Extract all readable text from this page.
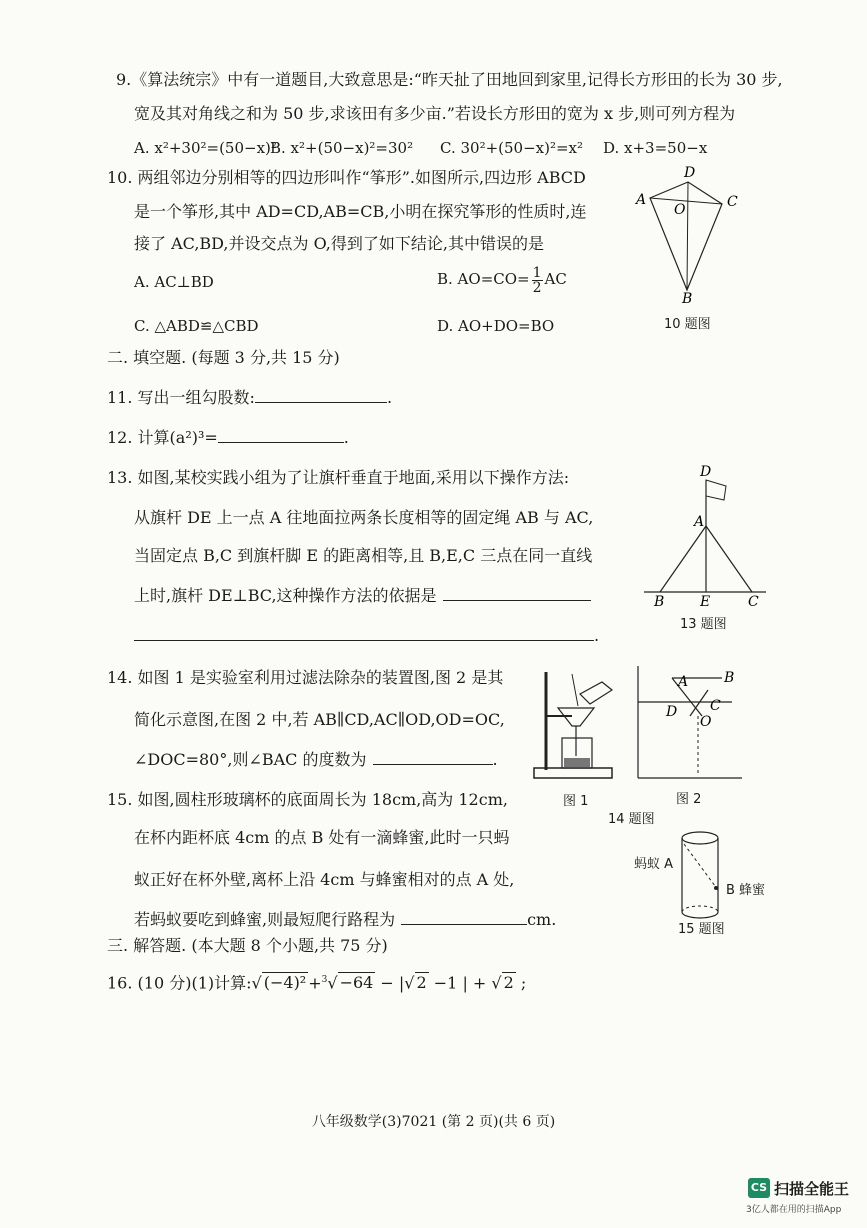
9.《算法统宗》中有一道题目,大致意思是:“昨天扯了田地回到家里,记得长方形田的长为 30 步,
宽及其对角线之和为 50 步,求该田有多少亩.”若设长方形田的宽为 x 步,则可列方程为
A. x²+30²=(50−x)²
B. x²+(50−x)²=30² C. 30²+(50−x)²=x² D. x+3=50−x
10. 两组邻边分别相等的四边形叫作“筝形”.如图所示,四边形 ABCD
是一个筝形,其中 AD=CD,AB=CB,小明在探究筝形的性质时,连
接了 AC,BD,并设交点为 O,得到了如下结论,其中错误的是
A. AC⊥BD	B. $AO=CO= \frac{1}{2}$ AC
C. △ABD≌△CBD	D. AO+DO=BO
D
A
O	C
B
10 题图
二. 填空题. (每题 3 分,共 15 分)
11. 写出一组勾股数:	.
12. 计算(a²)³=	.
13. 如图,某校实践小组为了让旗杆垂直于地面,采用以下操作方法:
从旗杆 DE 上一点 A 往地面拉两条长度相等的固定绳 AB 与 AC,
当固定点 B,C 到旗杆脚 E 的距离相等,且 B,E,C 三点在同一直线
上时,旗杆 DE⊥BC,这种操作方法的依据是
.
D
A
B	E	C
13 题图
14. 如图 1 是实验室利用过滤法除杂的装置图,图 2 是其
简化示意图,在图 2 中,若 AB∥CD,AC∥OD,OD=OC,
∠DOC=80°,则∠BAC 的度数为	.
图 1
A	B
D C
O
图 2
14 题图
15. 如图,圆柱形玻璃杯的底面周长为 18cm,高为 12cm,
在杯内距杯底 4cm 的点 B 处有一滴蜂蜜,此时一只蚂
蚁正好在杯外壁,离杯上沿 4cm 与蜂蜜相对的点 A 处,
若蚂蚁要吃到蜂蜜,则最短爬行路程为	cm.
蚂蚁 A
B 蜂蜜
15 题图
三. 解答题. (本大题 8 个小题,共 75 分)
16. (10 分)(1)计算:√ (−4)² +$^3$√ −64 − |√ 2 −1 | + √ 2 ;
八年级数学(3)7021 (第 2 页)(共 6 页)
CS 扫描全能王
3亿人都在用的扫描App
